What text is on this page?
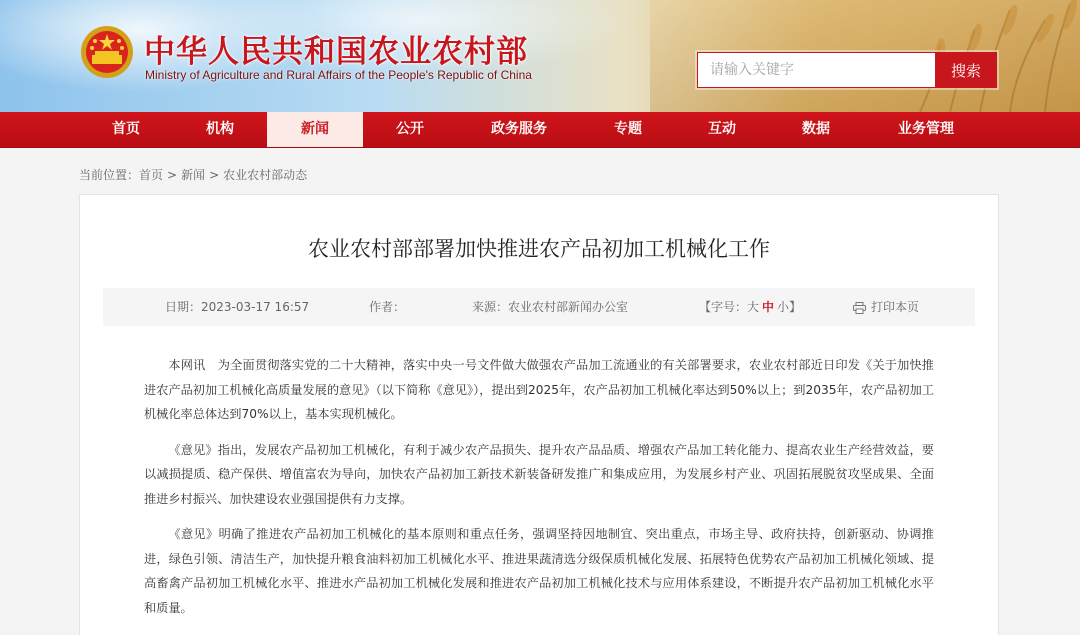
中华人民共和国农业农村部
Ministry of Agriculture and Rural Affairs of the People's Republic of China
请输入关键字	搜索
首页	机构	新闻	公开	政务服务	专题	互动	数据	业务管理
当前位置：首页 > 新闻 > 农业农村部动态
农业农村部部署加快推进农产品初加工机械化工作
日期：2023-03-17 16:57	作者：	来源：农业农村部新闻办公室	【字号：大 中 小】	打印本页

本网讯　为全面贯彻落实党的二十大精神，落实中央一号文件做大做强农产品加工流通业的有关部署要求，农业农村部近日印发《关于加快推进农产品初加工机械化高质量发展的意见》（以下简称《意见》），提出到2025年，农产品初加工机械化率达到50%以上；到2035年，农产品初加工机械化率总体达到70%以上，基本实现机械化。

《意见》指出，发展农产品初加工机械化，有利于减少农产品损失、提升农产品品质、增强农产品加工转化能力、提高农业生产经营效益，要以减损提质、稳产保供、增值富农为导向，加快农产品初加工新技术新装备研发推广和集成应用，为发展乡村产业、巩固拓展脱贫攻坚成果、全面推进乡村振兴、加快建设农业强国提供有力支撑。

《意见》明确了推进农产品初加工机械化的基本原则和重点任务，强调坚持因地制宜、突出重点，市场主导、政府扶持，创新驱动、协调推进，绿色引领、清洁生产，加快提升粮食油料初加工机械化水平、推进果蔬清选分级保质机械化发展、拓展特色优势农产品初加工机械化领域、提高畜禽产品初加工机械化水平、推进水产品初加工机械化发展和推进农产品初加工机械化技术与应用体系建设，不断提升农产品初加工机械化水平和质量。
